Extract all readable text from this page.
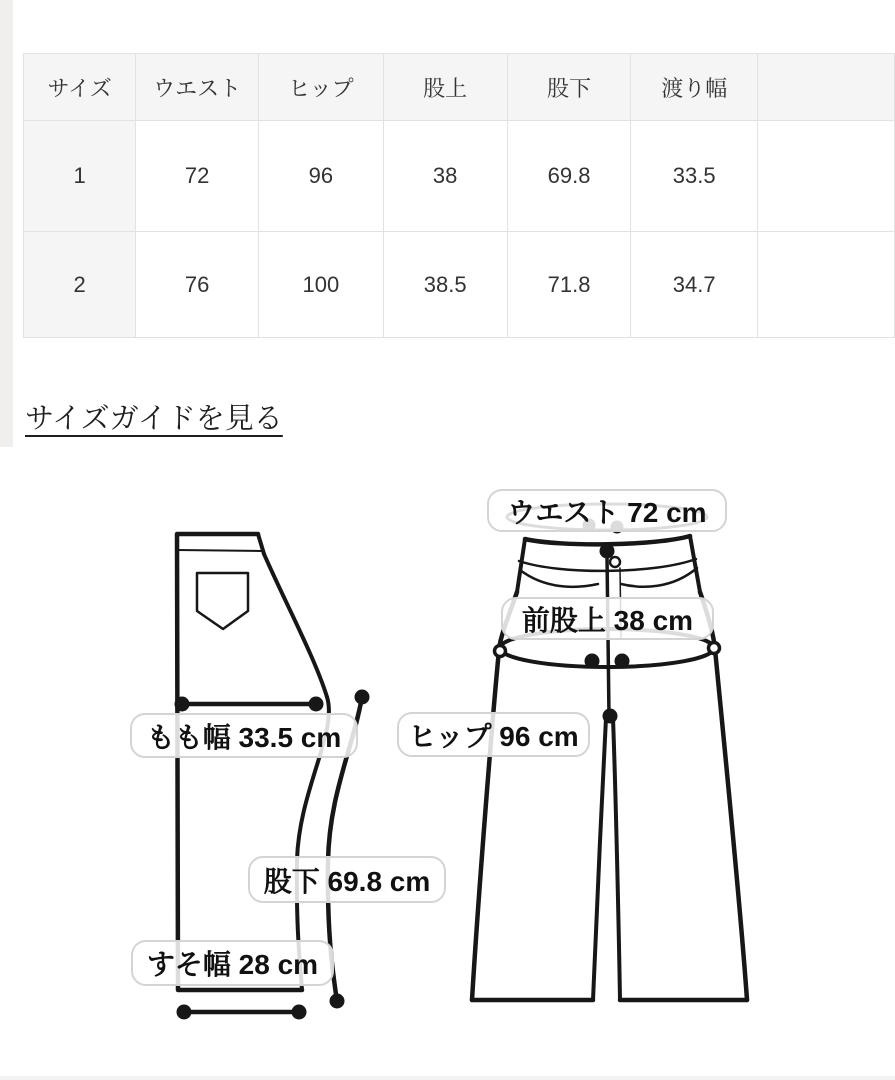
サイズ	ウエスト	ヒップ	股上	股下	渡り幅	
1	72	96	38	69.8	33.5	
2	76	100	38.5	71.8	34.7	
サイズガイドを見る
ウエスト 72 cm
前股上 38 cm
ヒップ 96 cm
もも幅 33.5 cm
股下 69.8 cm
すそ幅 28 cm
